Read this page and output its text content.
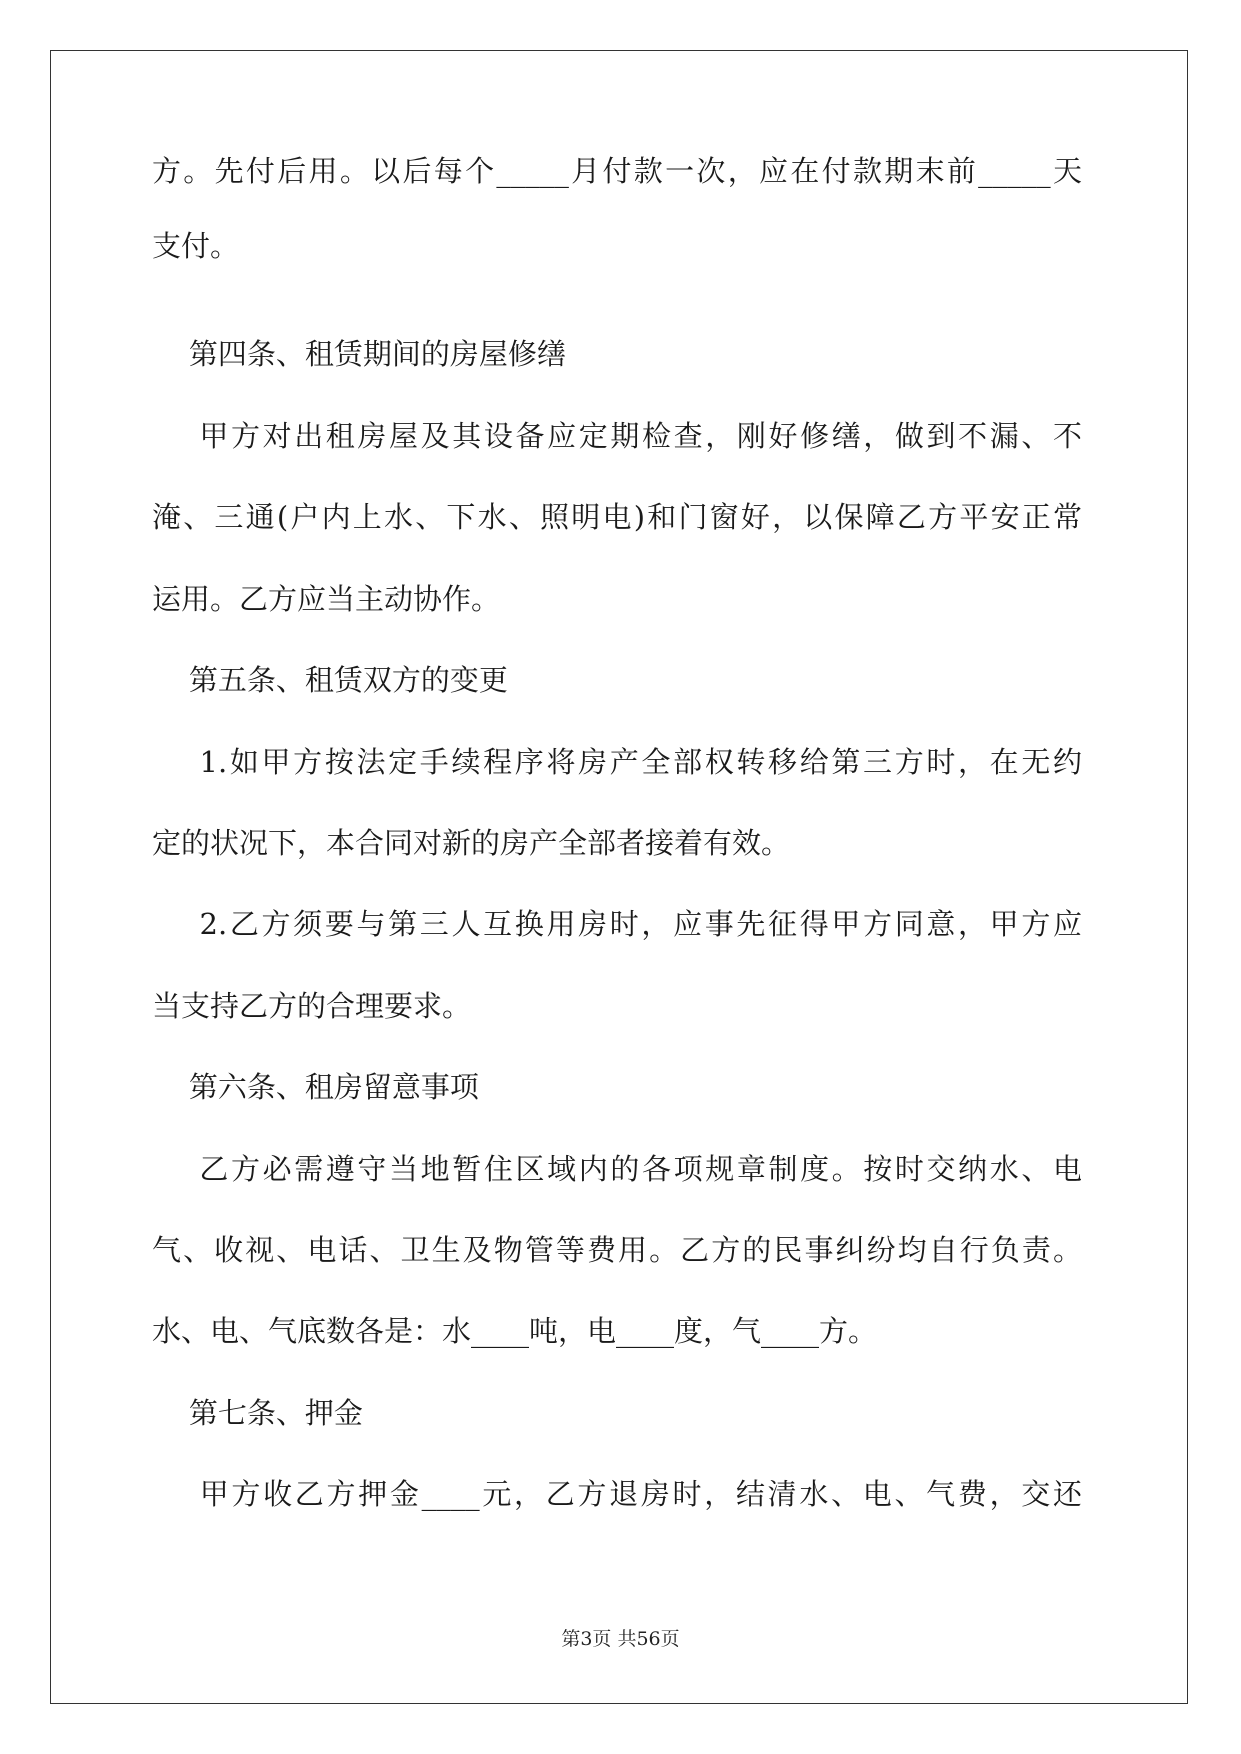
方。先付后用。以后每个_____月付款一次，应在付款期末前_____天

支付。

第四条、租赁期间的房屋修缮

甲方对出租房屋及其设备应定期检查，刚好修缮，做到不漏、不

淹、三通(户内上水、下水、照明电)和门窗好，以保障乙方平安正常

运用。乙方应当主动协作。

第五条、租赁双方的变更

1.如甲方按法定手续程序将房产全部权转移给第三方时，在无约

定的状况下，本合同对新的房产全部者接着有效。

2.乙方须要与第三人互换用房时，应事先征得甲方同意，甲方应

当支持乙方的合理要求。

第六条、租房留意事项

乙方必需遵守当地暂住区域内的各项规章制度。按时交纳水、电

气、收视、电话、卫生及物管等费用。乙方的民事纠纷均自行负责。

水、电、气底数各是：水____吨，电____度，气____方。

第七条、押金

甲方收乙方押金____元，乙方退房时，结清水、电、气费，交还

第3页 共56页
